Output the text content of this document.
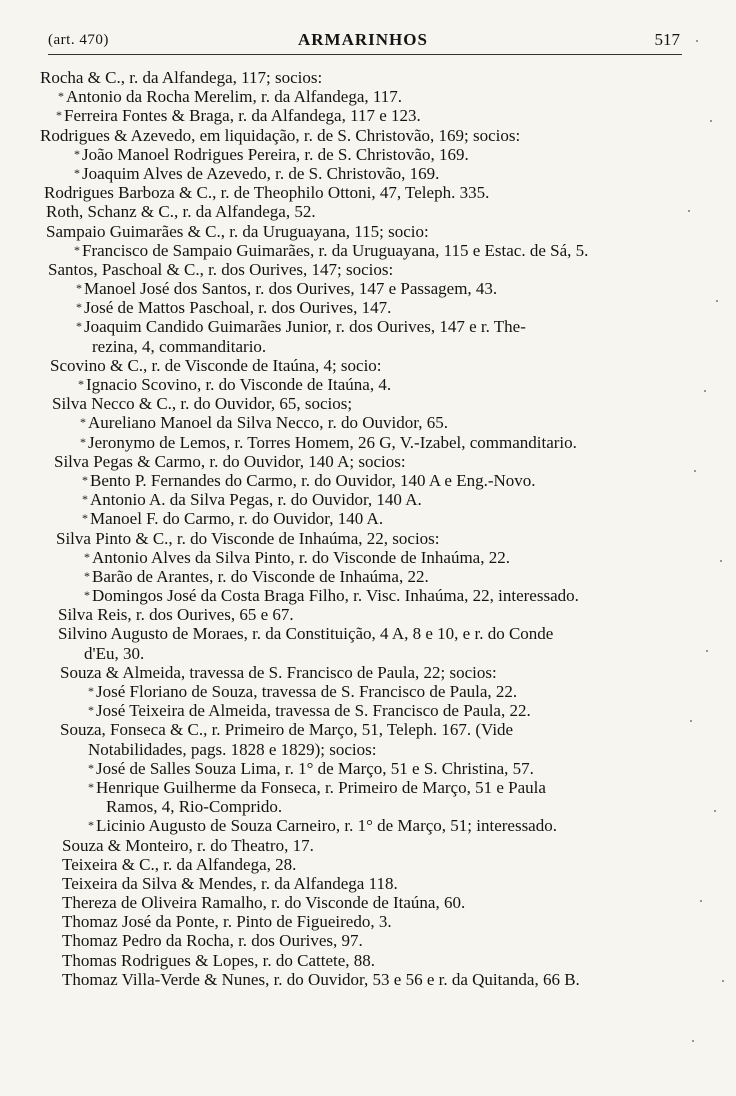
(art. 470)	ARMARINHOS	517
Rocha & C., r. da Alfandega, 117; socios:
* Antonio da Rocha Merelim, r. da Alfandega, 117.
* Ferreira Fontes & Braga, r. da Alfandega, 117 e 123.
Rodrigues & Azevedo, em liquidação, r. de S. Christovão, 169; socios:
* João Manoel Rodrigues Pereira, r. de S. Christovão, 169.
* Joaquim Alves de Azevedo, r. de S. Christovão, 169.
Rodrigues Barboza & C., r. de Theophilo Ottoni, 47, Teleph. 335.
Roth, Schanz & C., r. da Alfandega, 52.
Sampaio Guimarães & C., r. da Uruguayana, 115; socio:
* Francisco de Sampaio Guimarães, r. da Uruguayana, 115 e Estac. de Sá, 5.
Santos, Paschoal & C., r. dos Ourives, 147; socios:
* Manoel José dos Santos, r. dos Ourives, 147 e Passagem, 43.
* José de Mattos Paschoal, r. dos Ourives, 147.
* Joaquim Candido Guimarães Junior, r. dos Ourives, 147 e r. The-
rezina, 4, commanditario.
Scovino & C., r. de Visconde de Itaúna, 4; socio:
* Ignacio Scovino, r. do Visconde de Itaúna, 4.
Silva Necco & C., r. do Ouvidor, 65, socios;
* Aureliano Manoel da Silva Necco, r. do Ouvidor, 65.
* Jeronymo de Lemos, r. Torres Homem, 26 G, V.-Izabel, commanditario.
Silva Pegas & Carmo, r. do Ouvidor, 140 A; socios:
* Bento P. Fernandes do Carmo, r. do Ouvidor, 140 A e Eng.-Novo.
* Antonio A. da Silva Pegas, r. do Ouvidor, 140 A.
* Manoel F. do Carmo, r. do Ouvidor, 140 A.
Silva Pinto & C., r. do Visconde de Inhaúma, 22, socios:
* Antonio Alves da Silva Pinto, r. do Visconde de Inhaúma, 22.
* Barão de Arantes, r. do Visconde de Inhaúma, 22.
* Domingos José da Costa Braga Filho, r. Visc. Inhaúma, 22, interessado.
Silva Reis, r. dos Ourives, 65 e 67.
Silvino Augusto de Moraes, r. da Constituição, 4 A, 8 e 10, e r. do Conde
d'Eu, 30.
Souza & Almeida, travessa de S. Francisco de Paula, 22; socios:
* José Floriano de Souza, travessa de S. Francisco de Paula, 22.
* José Teixeira de Almeida, travessa de S. Francisco de Paula, 22.
Souza, Fonseca & C., r. Primeiro de Março, 51, Teleph. 167. (Vide
Notabilidades, pags. 1828 e 1829); socios:
* José de Salles Souza Lima, r. 1° de Março, 51 e S. Christina, 57.
* Henrique Guilherme da Fonseca, r. Primeiro de Março, 51 e Paula
Ramos, 4, Rio-Comprido.
* Licinio Augusto de Souza Carneiro, r. 1° de Março, 51; interessado.
Souza & Monteiro, r. do Theatro, 17.
Teixeira & C., r. da Alfandega, 28.
Teixeira da Silva & Mendes, r. da Alfandega 118.
Thereza de Oliveira Ramalho, r. do Visconde de Itaúna, 60.
Thomaz José da Ponte, r. Pinto de Figueiredo, 3.
Thomaz Pedro da Rocha, r. dos Ourives, 97.
Thomas Rodrigues & Lopes, r. do Cattete, 88.
Thomaz Villa-Verde & Nunes, r. do Ouvidor, 53 e 56 e r. da Quitanda, 66 B.
